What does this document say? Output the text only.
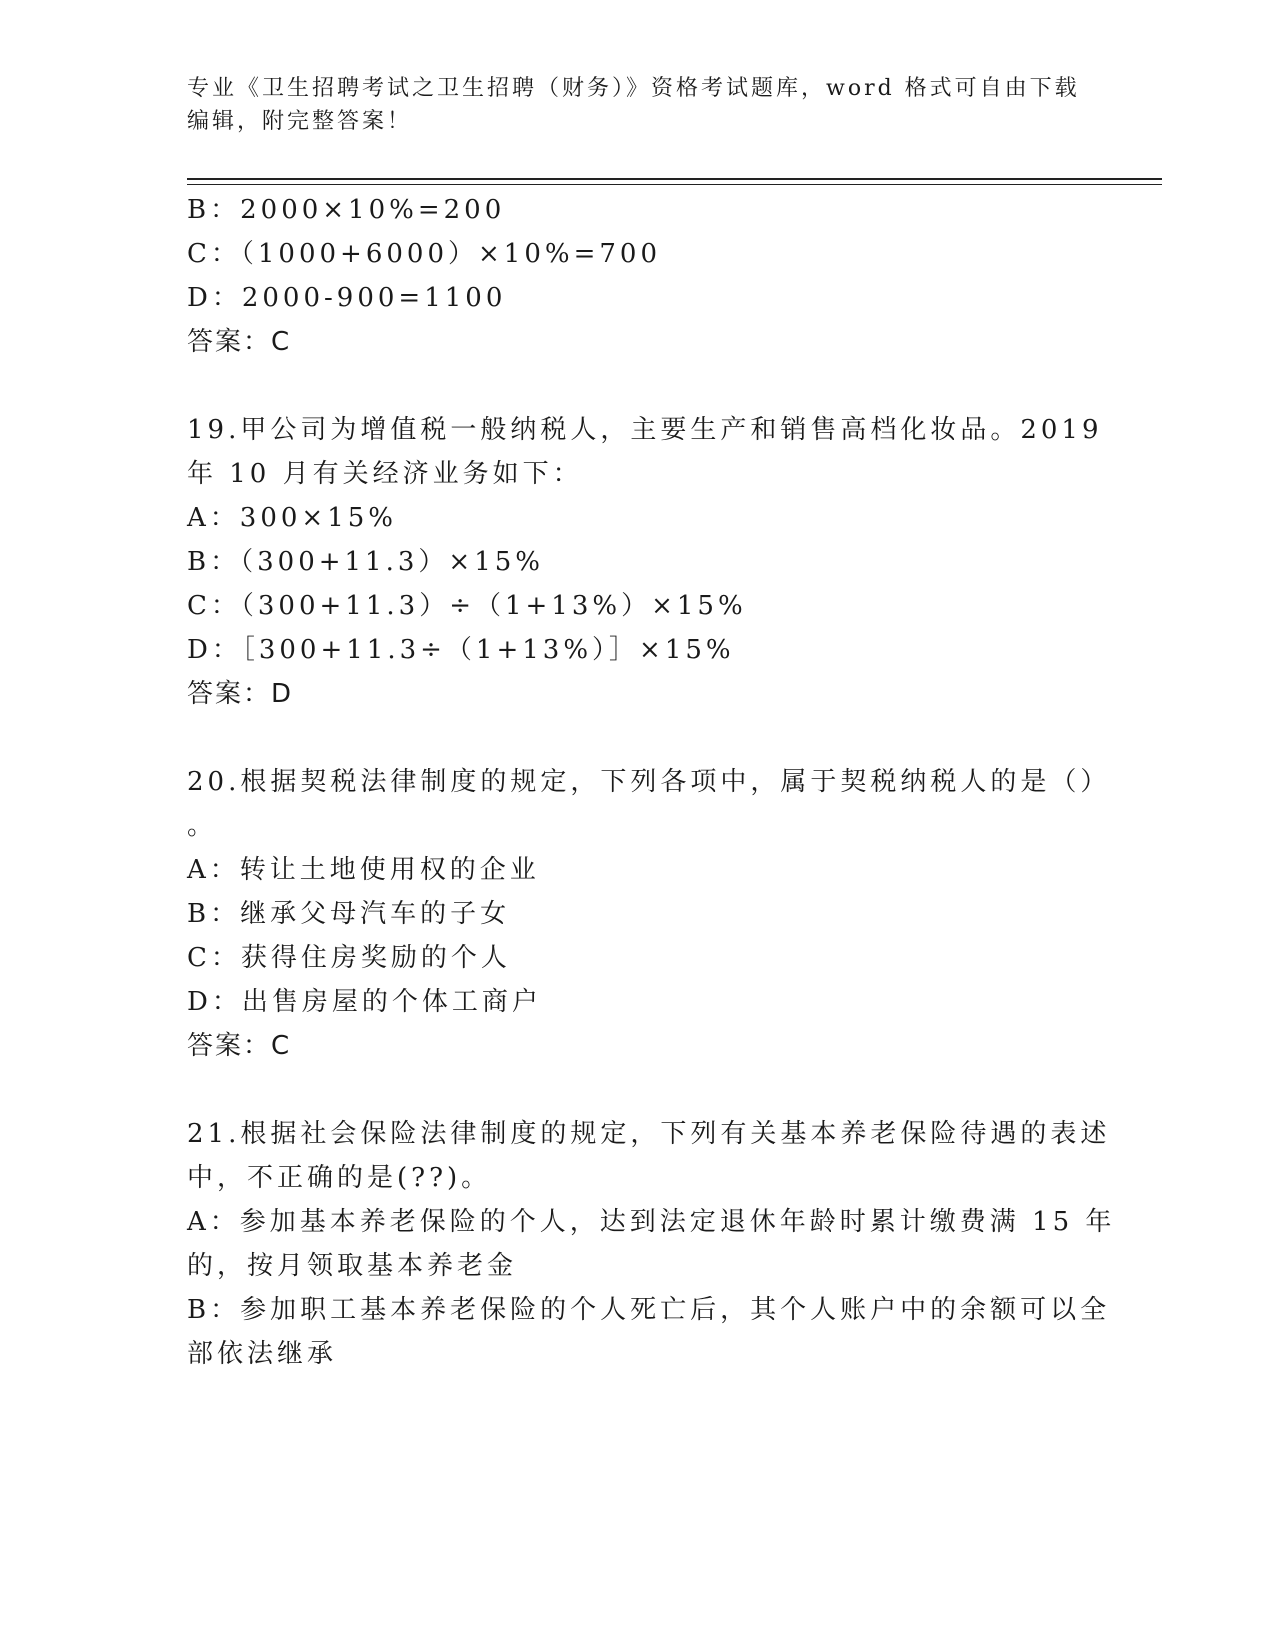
专业《卫生招聘考试之卫生招聘（财务）》资格考试题库，word 格式可自由下载
编辑，附完整答案！
B：2000×10%=200
C：（1000+6000）×10%=700
D：2000-900=1100
答案：C
19.甲公司为增值税一般纳税人，主要生产和销售高档化妆品。2019
年 10 月有关经济业务如下：
A：300×15%
B：（300+11.3）×15%
C：（300+11.3）÷（1+13%）×15%
D：［300+11.3÷（1+13%）］×15%
答案：D
20.根据契税法律制度的规定，下列各项中，属于契税纳税人的是（）
。
A：转让土地使用权的企业
B：继承父母汽车的子女
C：获得住房奖励的个人
D：出售房屋的个体工商户
答案：C
21.根据社会保险法律制度的规定，下列有关基本养老保险待遇的表述
中，不正确的是(??)。
A：参加基本养老保险的个人，达到法定退休年龄时累计缴费满 15 年
的，按月领取基本养老金
B：参加职工基本养老保险的个人死亡后，其个人账户中的余额可以全
部依法继承
